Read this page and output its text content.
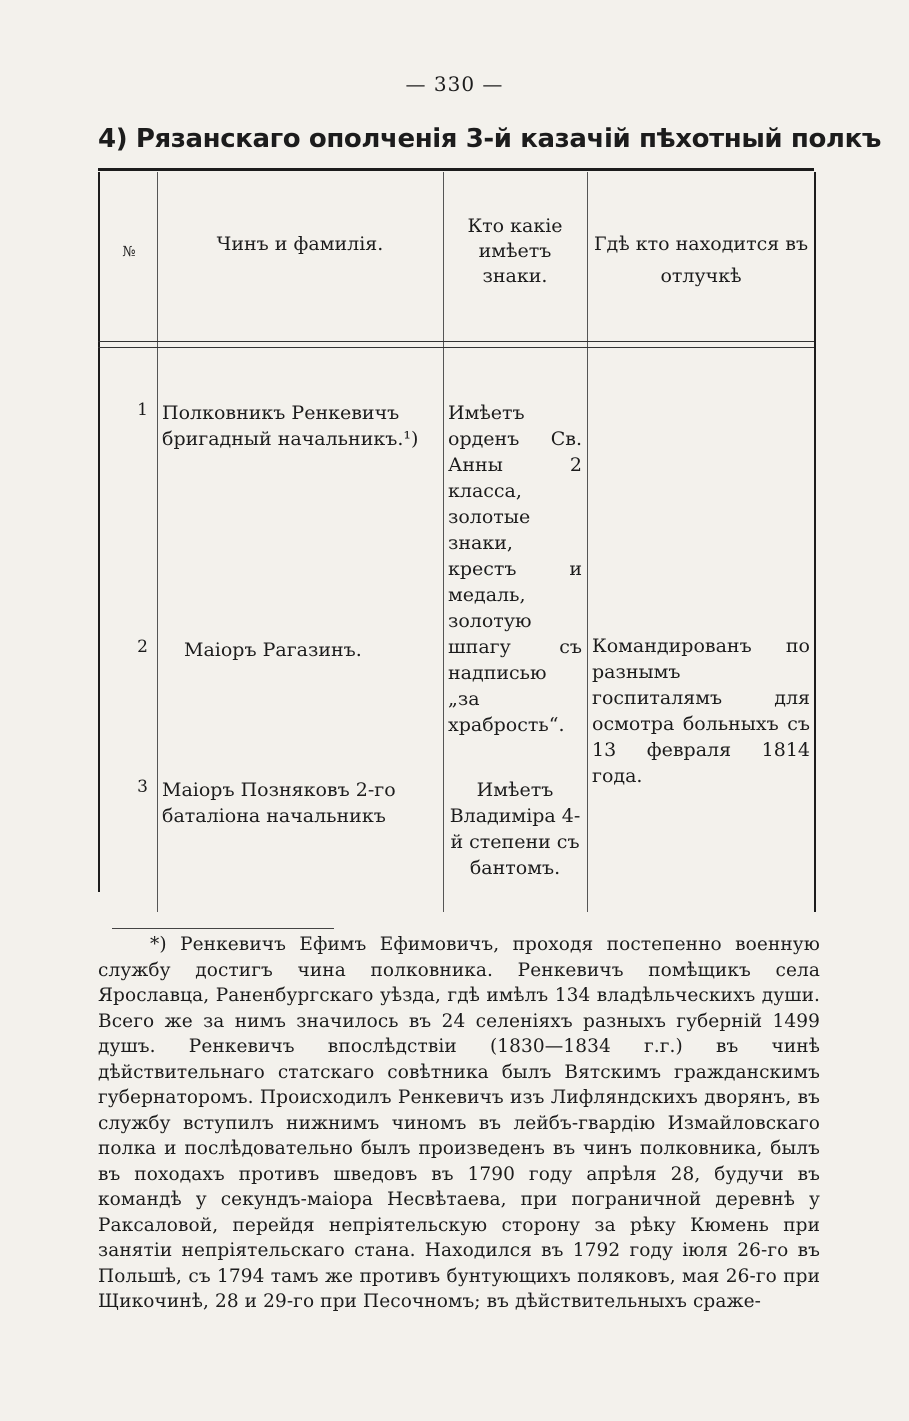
— 330 —
4) Рязанскаго ополченія 3-й казачій пѣхотный полкъ
№	Чинъ и фамилія.
Кто какіе имѣетъ знаки.
Гдѣ кто находится въ отлучкѣ
1 Полковникъ Ренкевичъ бригадный начальникъ.¹)
Имѣетъ орденъ Св. Анны 2 класса, золотые знаки, крестъ и медаль, золотую шпагу съ надписью „за храбрость“.
2 Маіоръ Рагазинъ.	Командированъ по разнымъ госпиталямъ для осмотра больныхъ съ 13 февраля 1814 года.
3 Маіоръ Позняковъ 2-го баталіона начальникъ
Имѣетъ Владиміра 4-й степени съ бантомъ.
*) Ренкевичъ Ефимъ Ефимовичъ, проходя постепенно военную службу достигъ чина полковника. Ренкевичъ помѣщикъ села Ярославца, Раненбургскаго уѣзда, гдѣ имѣлъ 134 владѣльческихъ души. Всего же за нимъ значилось въ 24 селеніяхъ разныхъ губерній 1499 душъ. Ренкевичъ впослѣдствіи (1830—1834 г.г.) въ чинѣ дѣйствительнаго статскаго совѣтника былъ Вятскимъ гражданскимъ губернаторомъ. Происходилъ Ренкевичъ изъ Лифляндскихъ дворянъ, въ службу вступилъ нижнимъ чиномъ въ лейбъ-гвардію Измайловскаго полка и послѣдовательно былъ произведенъ въ чинъ полковника, былъ въ походахъ противъ шведовъ въ 1790 году апрѣля 28, будучи въ командѣ у секундъ-маіора Несвѣтаева, при пограничной деревнѣ у Раксаловой, перейдя непріятельскую сторону за рѣку Кюмень при занятіи непріятельскаго стана. Находился въ 1792 году іюля 26-го въ Польшѣ, съ 1794 тамъ же противъ бунтующихъ поляковъ, мая 26-го при Щикочинѣ, 28 и 29-го при Песочномъ; въ дѣйствительныхъ сраже-
